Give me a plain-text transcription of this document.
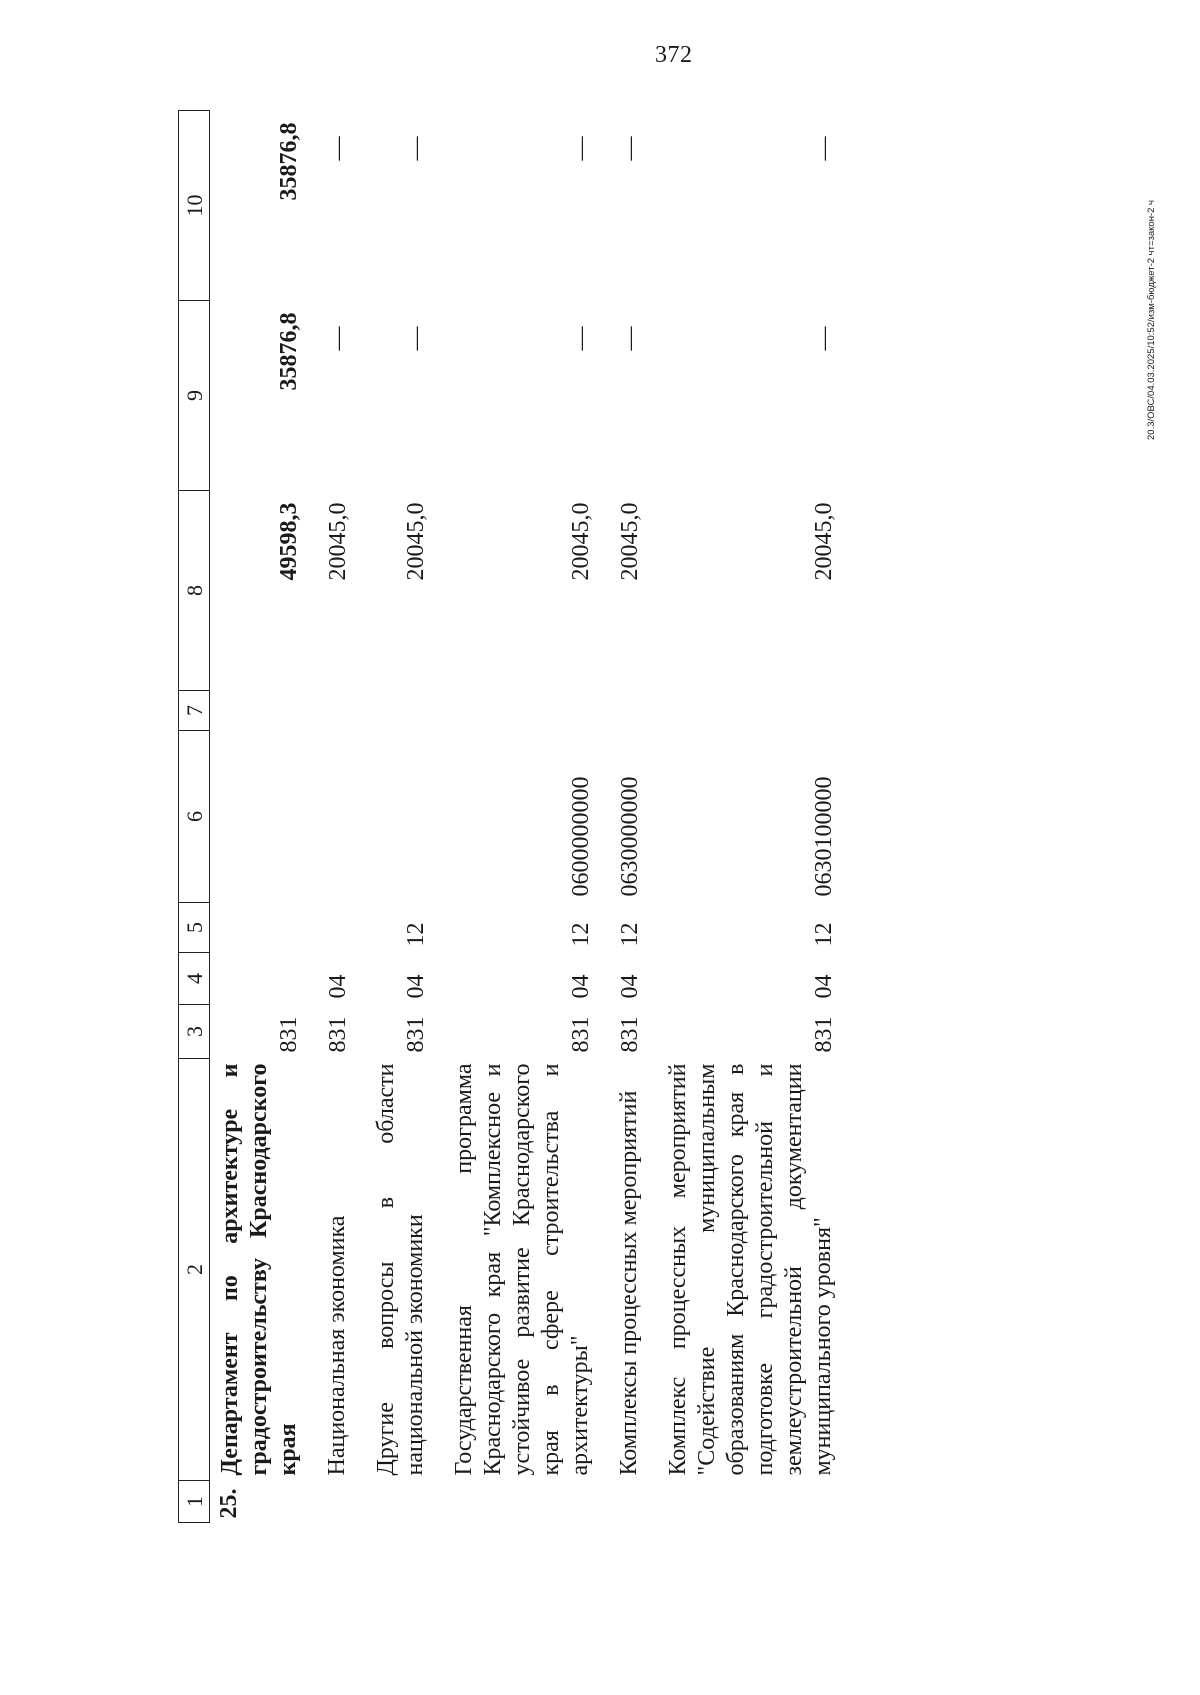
372
20.3/ОВС/04.03.2025/10:52/изм-бюджет-2 чт=закон-2 ч
1	2	3	4	5	6	7	8	9	10
25.	Департамент по архитектуре и градостроительству Краснодарского края	831					49598,3	35876,8	35876,8
	Национальная экономика	831	04				20045,0	—	—
	Другие вопросы в области национальной экономики	831	04	12			20045,0	—	—
	Государственная программа Краснодарского края "Комплексное и устойчивое развитие Краснодарского края в сфере строительства и архитектуры"	831	04	12	0600000000		20045,0	—	—
	Комплексы процессных мероприятий	831	04	12	0630000000		20045,0	—	—
	Комплекс процессных мероприятий "Содействие муниципальным образованиям Краснодарского края в подготовке градостроительной и землеустроительной документации муниципального уровня"	831	04	12	0630100000		20045,0	—	—
